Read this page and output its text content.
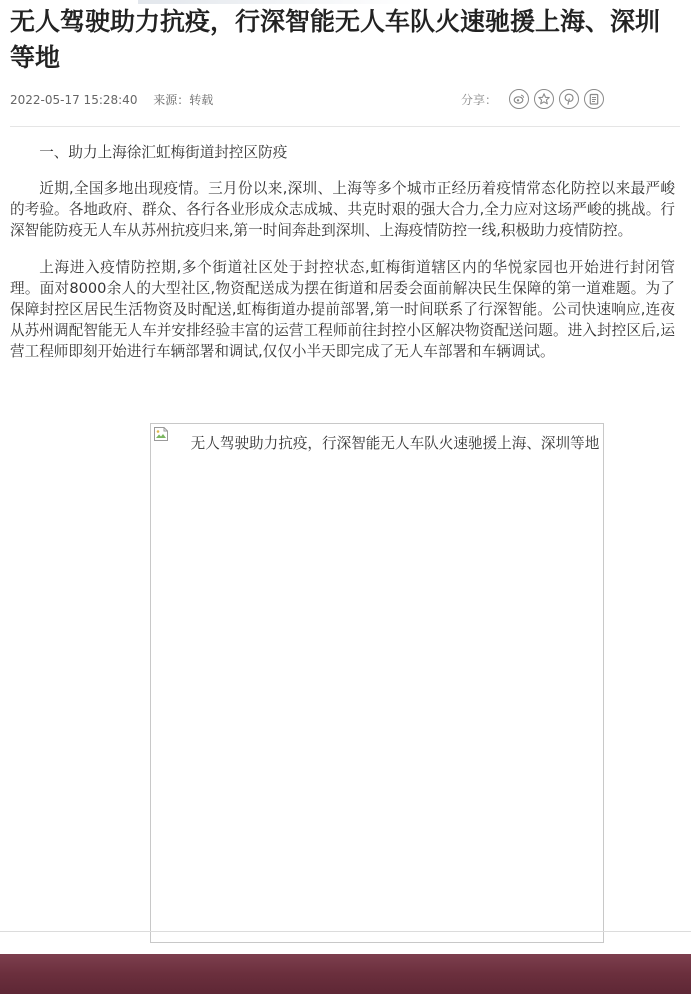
无人驾驶助力抗疫，行深智能无人车队火速驰援上海、深圳等地
2022-05-17 15:28:40 来源：转载	分享：

一、助力上海徐汇虹梅街道封控区防疫

近期,全国多地出现疫情。三月份以来,深圳、上海等多个城市正经历着疫情常态化防控以来最严峻的考验。各地政府、群众、各行各业形成众志成城、共克时艰的强大合力,全力应对这场严峻的挑战。行深智能防疫无人车从苏州抗疫归来,第一时间奔赴到深圳、上海疫情防控一线,积极助力疫情防控。

上海进入疫情防控期,多个街道社区处于封控状态,虹梅街道辖区内的华悦家园也开始进行封闭管理。面对8000余人的大型社区,物资配送成为摆在街道和居委会面前解决民生保障的第一道难题。为了保障封控区居民生活物资及时配送,虹梅街道办提前部署,第一时间联系了行深智能。公司快速响应,连夜从苏州调配智能无人车并安排经验丰富的运营工程师前往封控小区解决物资配送问题。进入封控区后,运营工程师即刻开始进行车辆部署和调试,仅仅小半天即完成了无人车部署和车辆调试。

无人驾驶助力抗疫，行深智能无人车队火速驰援上海、深圳等地
